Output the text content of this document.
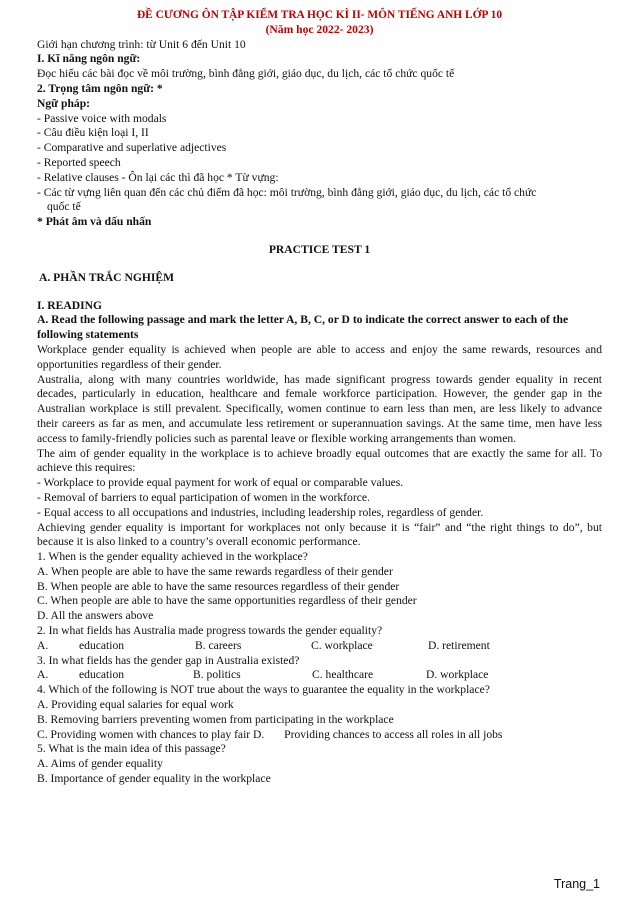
ĐỀ CƯƠNG ÔN TẬP KIỂM TRA HỌC KÌ II- MÔN TIẾNG ANH LỚP 10
(Năm học 2022- 2023)
Giới hạn chương trình: từ Unit 6 đến Unit 10
I. Kĩ năng ngôn ngữ:
Đọc hiểu các bài đọc về môi trường, bình đẳng giới, giáo dục, du lịch, các tổ chức quốc tế
2. Trọng tâm ngôn ngữ: *
Ngữ pháp:
- Passive voice with modals
- Câu điều kiện loại I, II
- Comparative and superlative adjectives
- Reported speech
- Relative clauses - Ôn lại các thì đã học * Từ vựng:
- Các từ vựng liên quan đến các chủ điểm đã học: môi trường, bình đẳng giới, giáo dục, du lịch, các tổ chức
quốc tế
* Phát âm và dấu nhấn
PRACTICE TEST 1
A. PHẦN TRẮC NGHIỆM
I. READING
A. Read the following passage and mark the letter A, B, C, or D to indicate the correct answer to each of the following statements
Workplace gender equality is achieved when people are able to access and enjoy the same rewards, resources and opportunities regardless of their gender.
Australia, along with many countries worldwide, has made significant progress towards gender equality in recent decades, particularly in education, healthcare and female workforce participation. However, the gender gap in the Australian workplace is still prevalent. Specifically, women continue to earn less than men, are less likely to advance their careers as far as men, and accumulate less retirement or superannuation savings. At the same time, men have less access to family-friendly policies such as parental leave or flexible working arrangements than women.
The aim of gender equality in the workplace is to achieve broadly equal outcomes that are exactly the same for all. To achieve this requires:
- Workplace to provide equal payment for work of equal or comparable values.
- Removal of barriers to equal participation of women in the workforce.
- Equal access to all occupations and industries, including leadership roles, regardless of gender.
Achieving gender equality is important for workplaces not only because it is “fair” and “the right things to do”, but because it is also linked to a country’s overall economic performance.
1. When is the gender equality achieved in the workplace?
A. When people are able to have the same rewards regardless of their gender
B. When people are able to have the same resources regardless of their gender
C. When people are able to have the same opportunities regardless of their gender
D. All the answers above
2. In what fields has Australia made progress towards the gender equality?
A.	education	B. careers	C. workplace	D. retirement
3. In what fields has the gender gap in Australia existed?
A.	education	B. politics	C. healthcare	D. workplace
4. Which of the following is NOT true about the ways to guarantee the equality in the workplace?
A. Providing equal salaries for equal work
B. Removing barriers preventing women from participating in the workplace
C. Providing women with chances to play fair D. Providing chances to access all roles in all jobs
5. What is the main idea of this passage?
A. Aims of gender equality
B. Importance of gender equality in the workplace
Trang_1
